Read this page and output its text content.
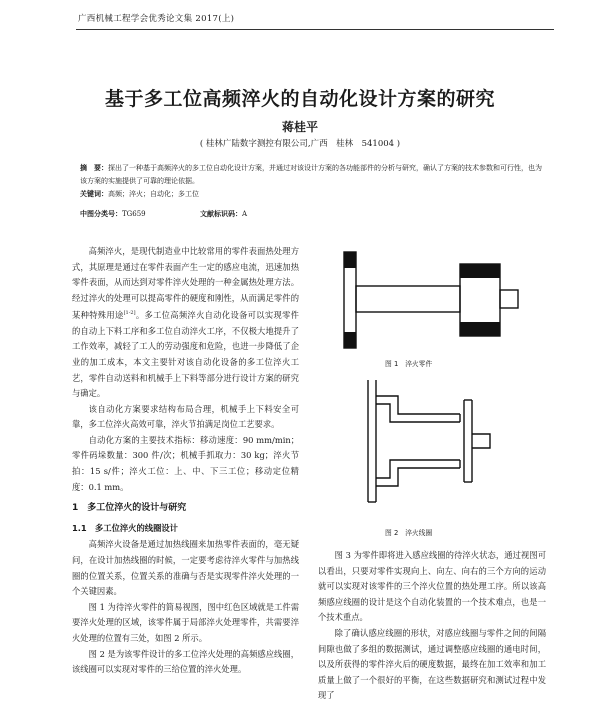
广西机械工程学会优秀论文集 2017(上)
基于多工位高频淬火的自动化设计方案的研究
蒋桂平
( 桂林广陆数字测控有限公司,广西　桂林　541004 )
摘　要：探出了一种基于高频淬火的多工位自动化设计方案，并通过对该设计方案的各功能部件的分析与研究，确认了方案的技术参数和可行性，也为该方案的实施提供了可靠的理论依据。
关键词：高频；淬火；自动化；多工位
中图分类号：TG659	文献标识码：A

高频淬火，是现代制造业中比较常用的零件表面热处理方式，其原理是通过在零件表面产生一定的感应电流，迅速加热零件表面，从而达到对零件淬火处理的一种金属热处理方法。经过淬火的处理可以提高零件的硬度和刚性，从而满足零件的某种特殊用途[1-2]。多工位高频淬火自动化设备可以实现零件的自动上下料工序和多工位自动淬火工序，不仅极大地提升了工作效率，减轻了工人的劳动强度和危险，也进一步降低了企业的加工成本，本文主要针对该自动化设备的多工位淬火工艺，零件自动送料和机械手上下料等部分进行设计方案的研究与确定。

该自动化方案要求结构布局合理，机械手上下料安全可靠，多工位淬火高效可靠，淬火节拍满足岗位工艺要求。

自动化方案的主要技术指标：移动速度：90 mm/min；零件码垛数量：300 件/次；机械手抓取力：30 kg；淬火节拍：15 s/件；淬火工位：上、中、下三工位；移动定位精度：0.1 mm。

1　多工位淬火的设计与研究

1.1　多工位淬火的线圈设计

高频淬火设备是通过加热线圈来加热零件表面的，毫无疑问，在设计加热线圈的时候，一定要考虑待淬火零件与加热线圈的位置关系，位置关系的准确与否是实现零件淬火处理的一个关键因素。

图 1 为待淬火零件的简易视图，图中红色区域就是工件需要淬火处理的区域，该零件属于局部淬火处理零件，共需要淬火处理的位置有三处，如图 2 所示。

图 2 是为该零件设计的多工位淬火处理的高频感应线圈，该线圈可以实现对零件的三给位置的淬火处理。

图 1　淬火零件
图 2　淬火线圈

图 3 为零件即将进入感应线圈的待淬火状态，通过视图可以看出，只要对零件实现向上、向左、向右的三个方向的运动就可以实现对该零件的三个淬火位置的热处理工序。所以该高频感应线圈的设计是这个自动化装置的一个技术难点，也是一个技术重点。

除了确认感应线圈的形状，对感应线圈与零件之间的间隔间隙也做了多组的数据测试，通过调整感应线圈的通电时间，以及所获得的零件淬火后的硬度数据，最终在加工效率和加工质量上做了一个很好的平衡，在这些数据研究和测试过程中发现了
